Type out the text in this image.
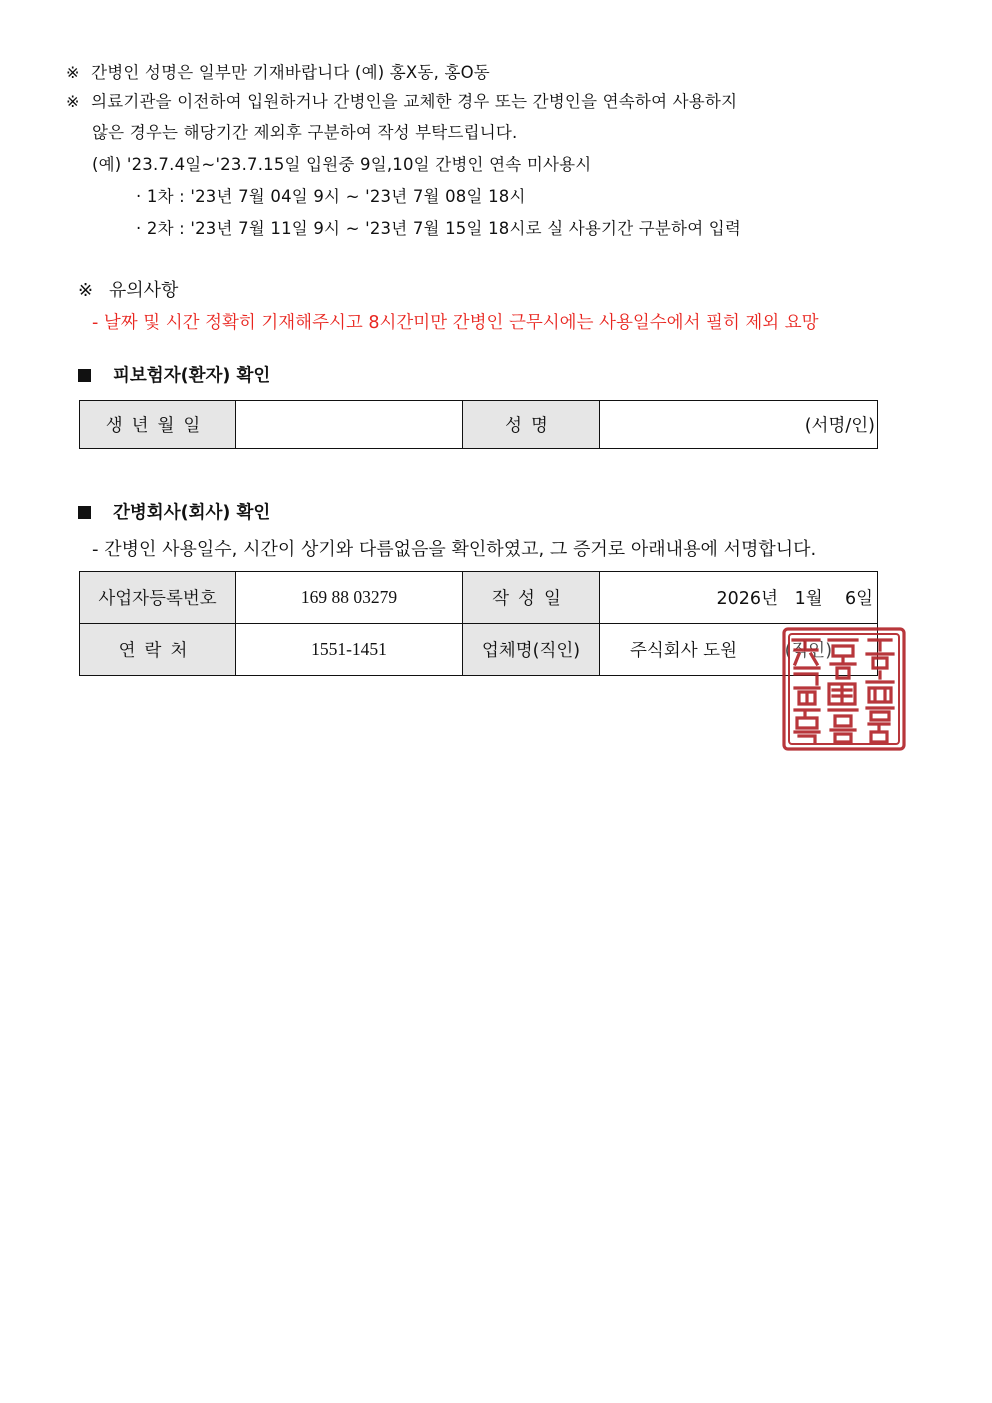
※ 간병인 성명은 일부만 기재바랍니다 (예) 홍X동, 홍O동
※ 의료기관을 이전하여 입원하거나 간병인을 교체한 경우 또는 간병인을 연속하여 사용하지
않은 경우는 해당기간 제외후 구분하여 작성 부탁드립니다.
(예) '23.7.4일~'23.7.15일 입원중 9일,10일 간병인 연속 미사용시
· 1차 : '23년 7월 04일 9시 ~ '23년 7월 08일 18시
· 2차 : '23년 7월 11일 9시 ~ '23년 7월 15일 18시로 실 사용기간 구분하여 입력
※ 유의사항
- 날짜 및 시간 정확히 기재해주시고 8시간미만 간병인 근무시에는 사용일수에서 필히 제외 요망
피보험자(환자) 확인
생년월일		성명	(서명/인)
간병회사(회사) 확인
- 간병인 사용일수, 시간이 상기와 다름없음을 확인하였고, 그 증거로 아래내용에 서명합니다.
사업자등록번호	169 88 03279	작성일	2026년   1월    6일
연락처	1551-1451	업체명(직인)	주식회사 도원 (직인)
